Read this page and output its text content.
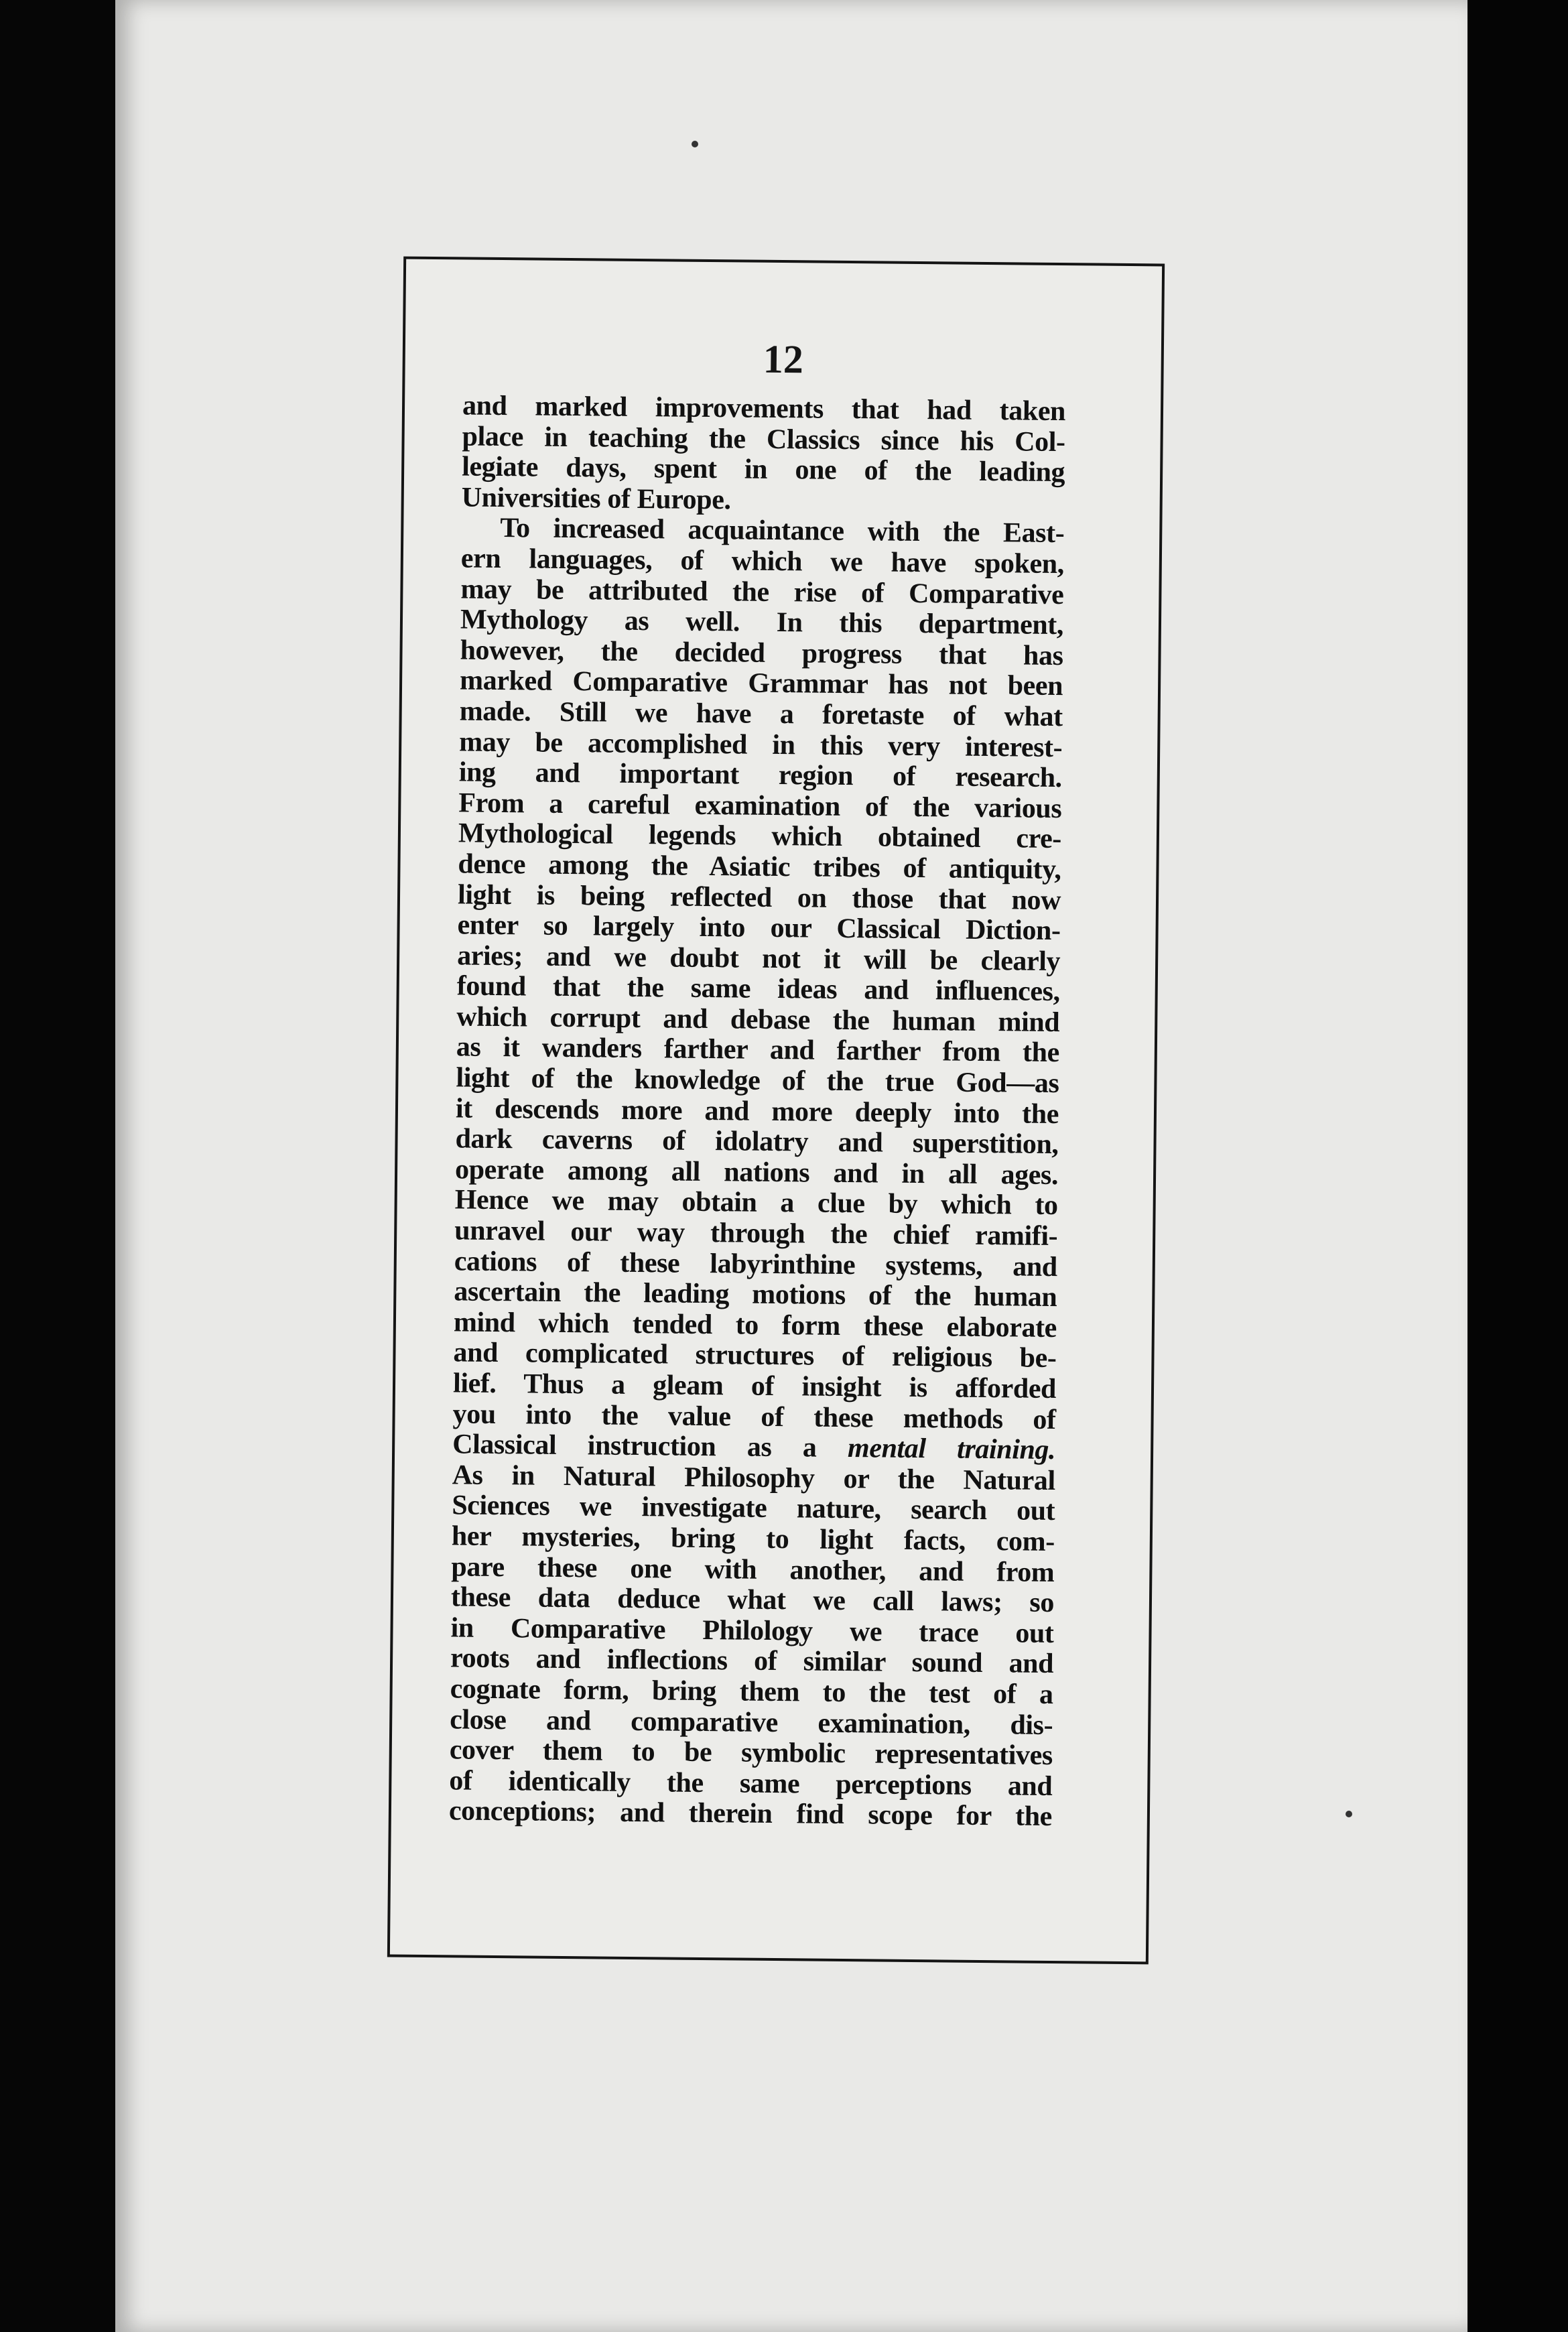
12
and marked improvements that had taken
place in teaching the Classics since his Col-
legiate days, spent in one of the leading
Universities of Europe.
To increased acquaintance with the East-
ern languages, of which we have spoken,
may be attributed the rise of Comparative
Mythology as well. In this department,
however, the decided progress that has
marked Comparative Grammar has not been
made. Still we have a foretaste of what
may be accomplished in this very interest-
ing and important region of research.
From a careful examination of the various
Mythological legends which obtained cre-
dence among the Asiatic tribes of antiquity,
light is being reflected on those that now
enter so largely into our Classical Diction-
aries; and we doubt not it will be clearly
found that the same ideas and influences,
which corrupt and debase the human mind
as it wanders farther and farther from the
light of the knowledge of the true God—as
it descends more and more deeply into the
dark caverns of idolatry and superstition,
operate among all nations and in all ages.
Hence we may obtain a clue by which to
unravel our way through the chief ramifi-
cations of these labyrinthine systems, and
ascertain the leading motions of the human
mind which tended to form these elaborate
and complicated structures of religious be-
lief. Thus a gleam of insight is afforded
you into the value of these methods of
Classical instruction as a mental training.
As in Natural Philosophy or the Natural
Sciences we investigate nature, search out
her mysteries, bring to light facts, com-
pare these one with another, and from
these data deduce what we call laws; so
in Comparative Philology we trace out
roots and inflections of similar sound and
cognate form, bring them to the test of a
close and comparative examination, dis-
cover them to be symbolic representatives
of identically the same perceptions and
conceptions; and therein find scope for the
